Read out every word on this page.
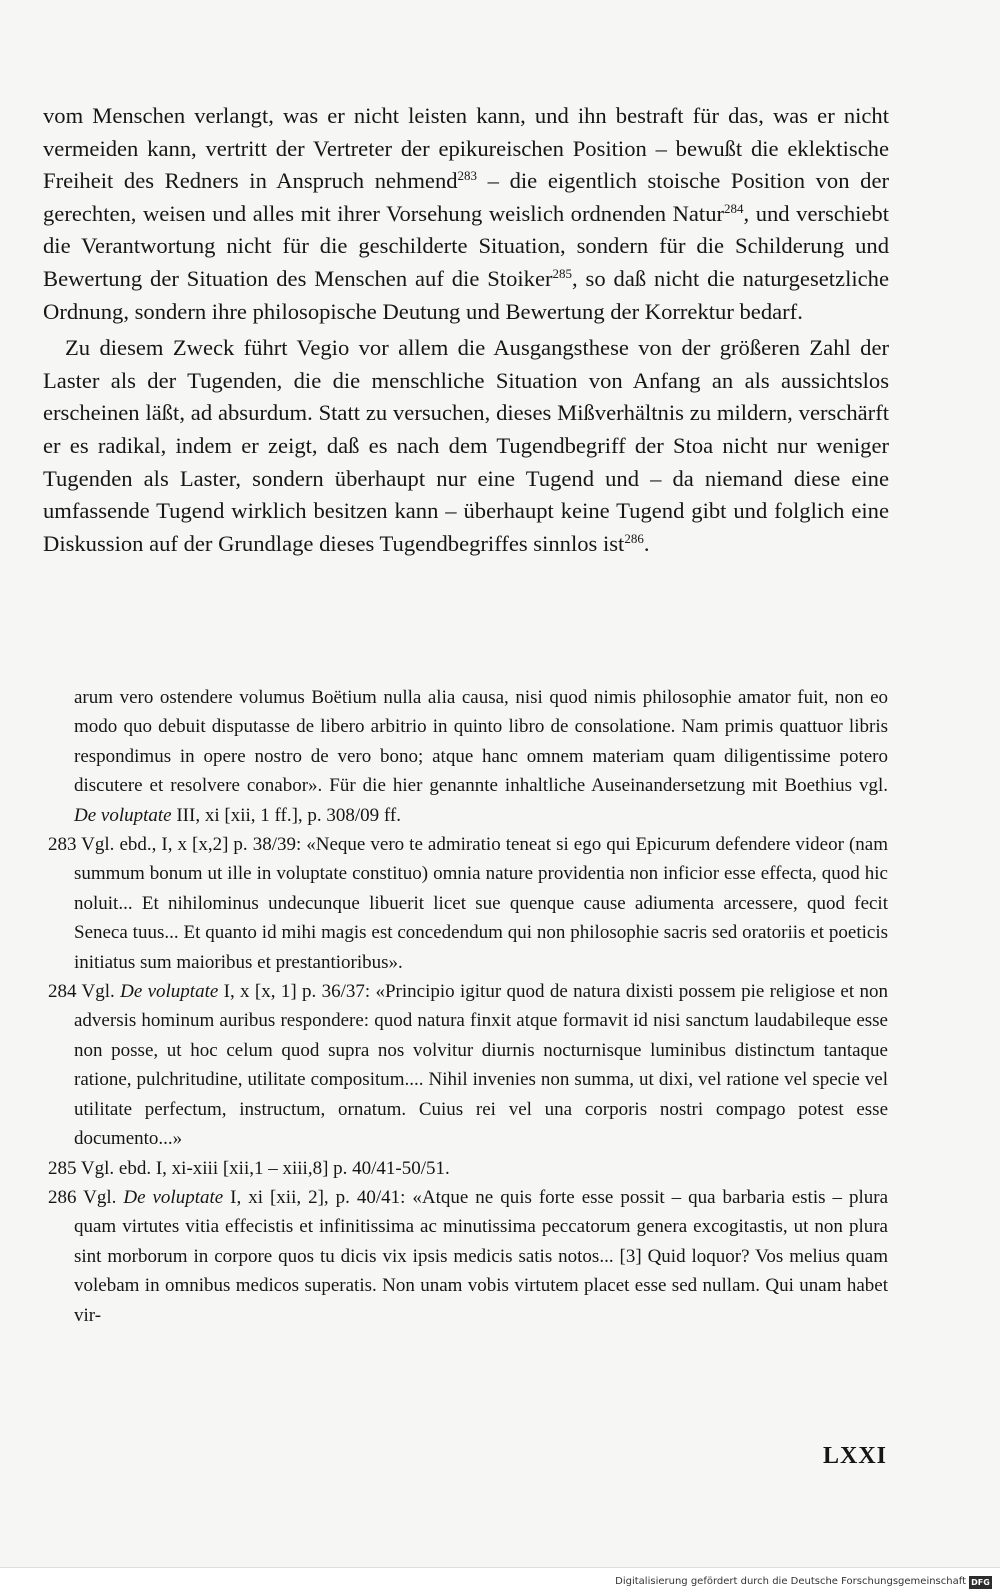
vom Menschen verlangt, was er nicht leisten kann, und ihn bestraft für das, was er nicht vermeiden kann, vertritt der Vertreter der epikureischen Position – bewußt die eklektische Freiheit des Redners in Anspruch nehmend$^{283}$ – die eigentlich stoische Position von der gerechten, weisen und alles mit ihrer Vorsehung weislich ordnenden Natur$^{284}$, und verschiebt die Verantwortung nicht für die geschilderte Situation, sondern für die Schilderung und Bewertung der Situation des Menschen auf die Stoiker$^{285}$, so daß nicht die naturgesetzliche Ordnung, sondern ihre philosopische Deutung und Bewertung der Korrektur bedarf.

Zu diesem Zweck führt Vegio vor allem die Ausgangsthese von der größeren Zahl der Laster als der Tugenden, die die menschliche Situation von Anfang an als aussichtslos erscheinen läßt, ad absurdum. Statt zu versuchen, dieses Mißverhältnis zu mildern, verschärft er es radikal, indem er zeigt, daß es nach dem Tugendbegriff der Stoa nicht nur weniger Tugenden als Laster, sondern überhaupt nur eine Tugend und – da niemand diese eine umfassende Tugend wirklich besitzen kann – überhaupt keine Tugend gibt und folglich eine Diskussion auf der Grundlage dieses Tugendbegriffes sinnlos ist$^{286}$.

arum vero ostendere volumus Boëtium nulla alia causa, nisi quod nimis philosophie amator fuit, non eo modo quo debuit disputasse de libero arbitrio in quinto libro de consolatione. Nam primis quattuor libris respondimus in opere nostro de vero bono; atque hanc omnem materiam quam diligentissime potero discutere et resolvere conabor». Für die hier genannte inhaltliche Auseinandersetzung mit Boethius vgl. De voluptate III, xi [xii, 1 ff.], p. 308/09 ff.
283 Vgl. ebd., I, x [x,2] p. 38/39: «Neque vero te admiratio teneat si ego qui Epicurum defendere videor (nam summum bonum ut ille in voluptate constituo) omnia nature providentia non inficior esse effecta, quod hic noluit... Et nihilominus undecunque libuerit licet sue quenque cause adiumenta arcessere, quod fecit Seneca tuus... Et quanto id mihi magis est concedendum qui non philosophie sacris sed oratoriis et poeticis initiatus sum maioribus et prestantioribus».
284 Vgl. De voluptate I, x [x, 1] p. 36/37: «Principio igitur quod de natura dixisti possem pie religiose et non adversis hominum auribus respondere: quod natura finxit atque formavit id nisi sanctum laudabileque esse non posse, ut hoc celum quod supra nos volvitur diurnis nocturnisque luminibus distinctum tantaque ratione, pulchritudine, utilitate compositum.... Nihil invenies non summa, ut dixi, vel ratione vel specie vel utilitate perfectum, instructum, ornatum. Cuius rei vel una corporis nostri compago potest esse documento...»
285 Vgl. ebd. I, xi-xiii [xii,1 – xiii,8] p. 40/41-50/51.
286 Vgl. De voluptate I, xi [xii, 2], p. 40/41: «Atque ne quis forte esse possit – qua barbaria estis – plura quam virtutes vitia effecistis et infinitissima ac minutissima peccatorum genera excogitastis, ut non plura sint morborum in corpore quos tu dicis vix ipsis medicis satis notos... [3] Quid loquor? Vos melius quam volebam in omnibus medicos superatis. Non unam vobis virtutem placet esse sed nullam. Qui unam habet vir-
LXXI
Digitalisierung gefördert durch die Deutsche Forschungsgemeinschaft DFG
